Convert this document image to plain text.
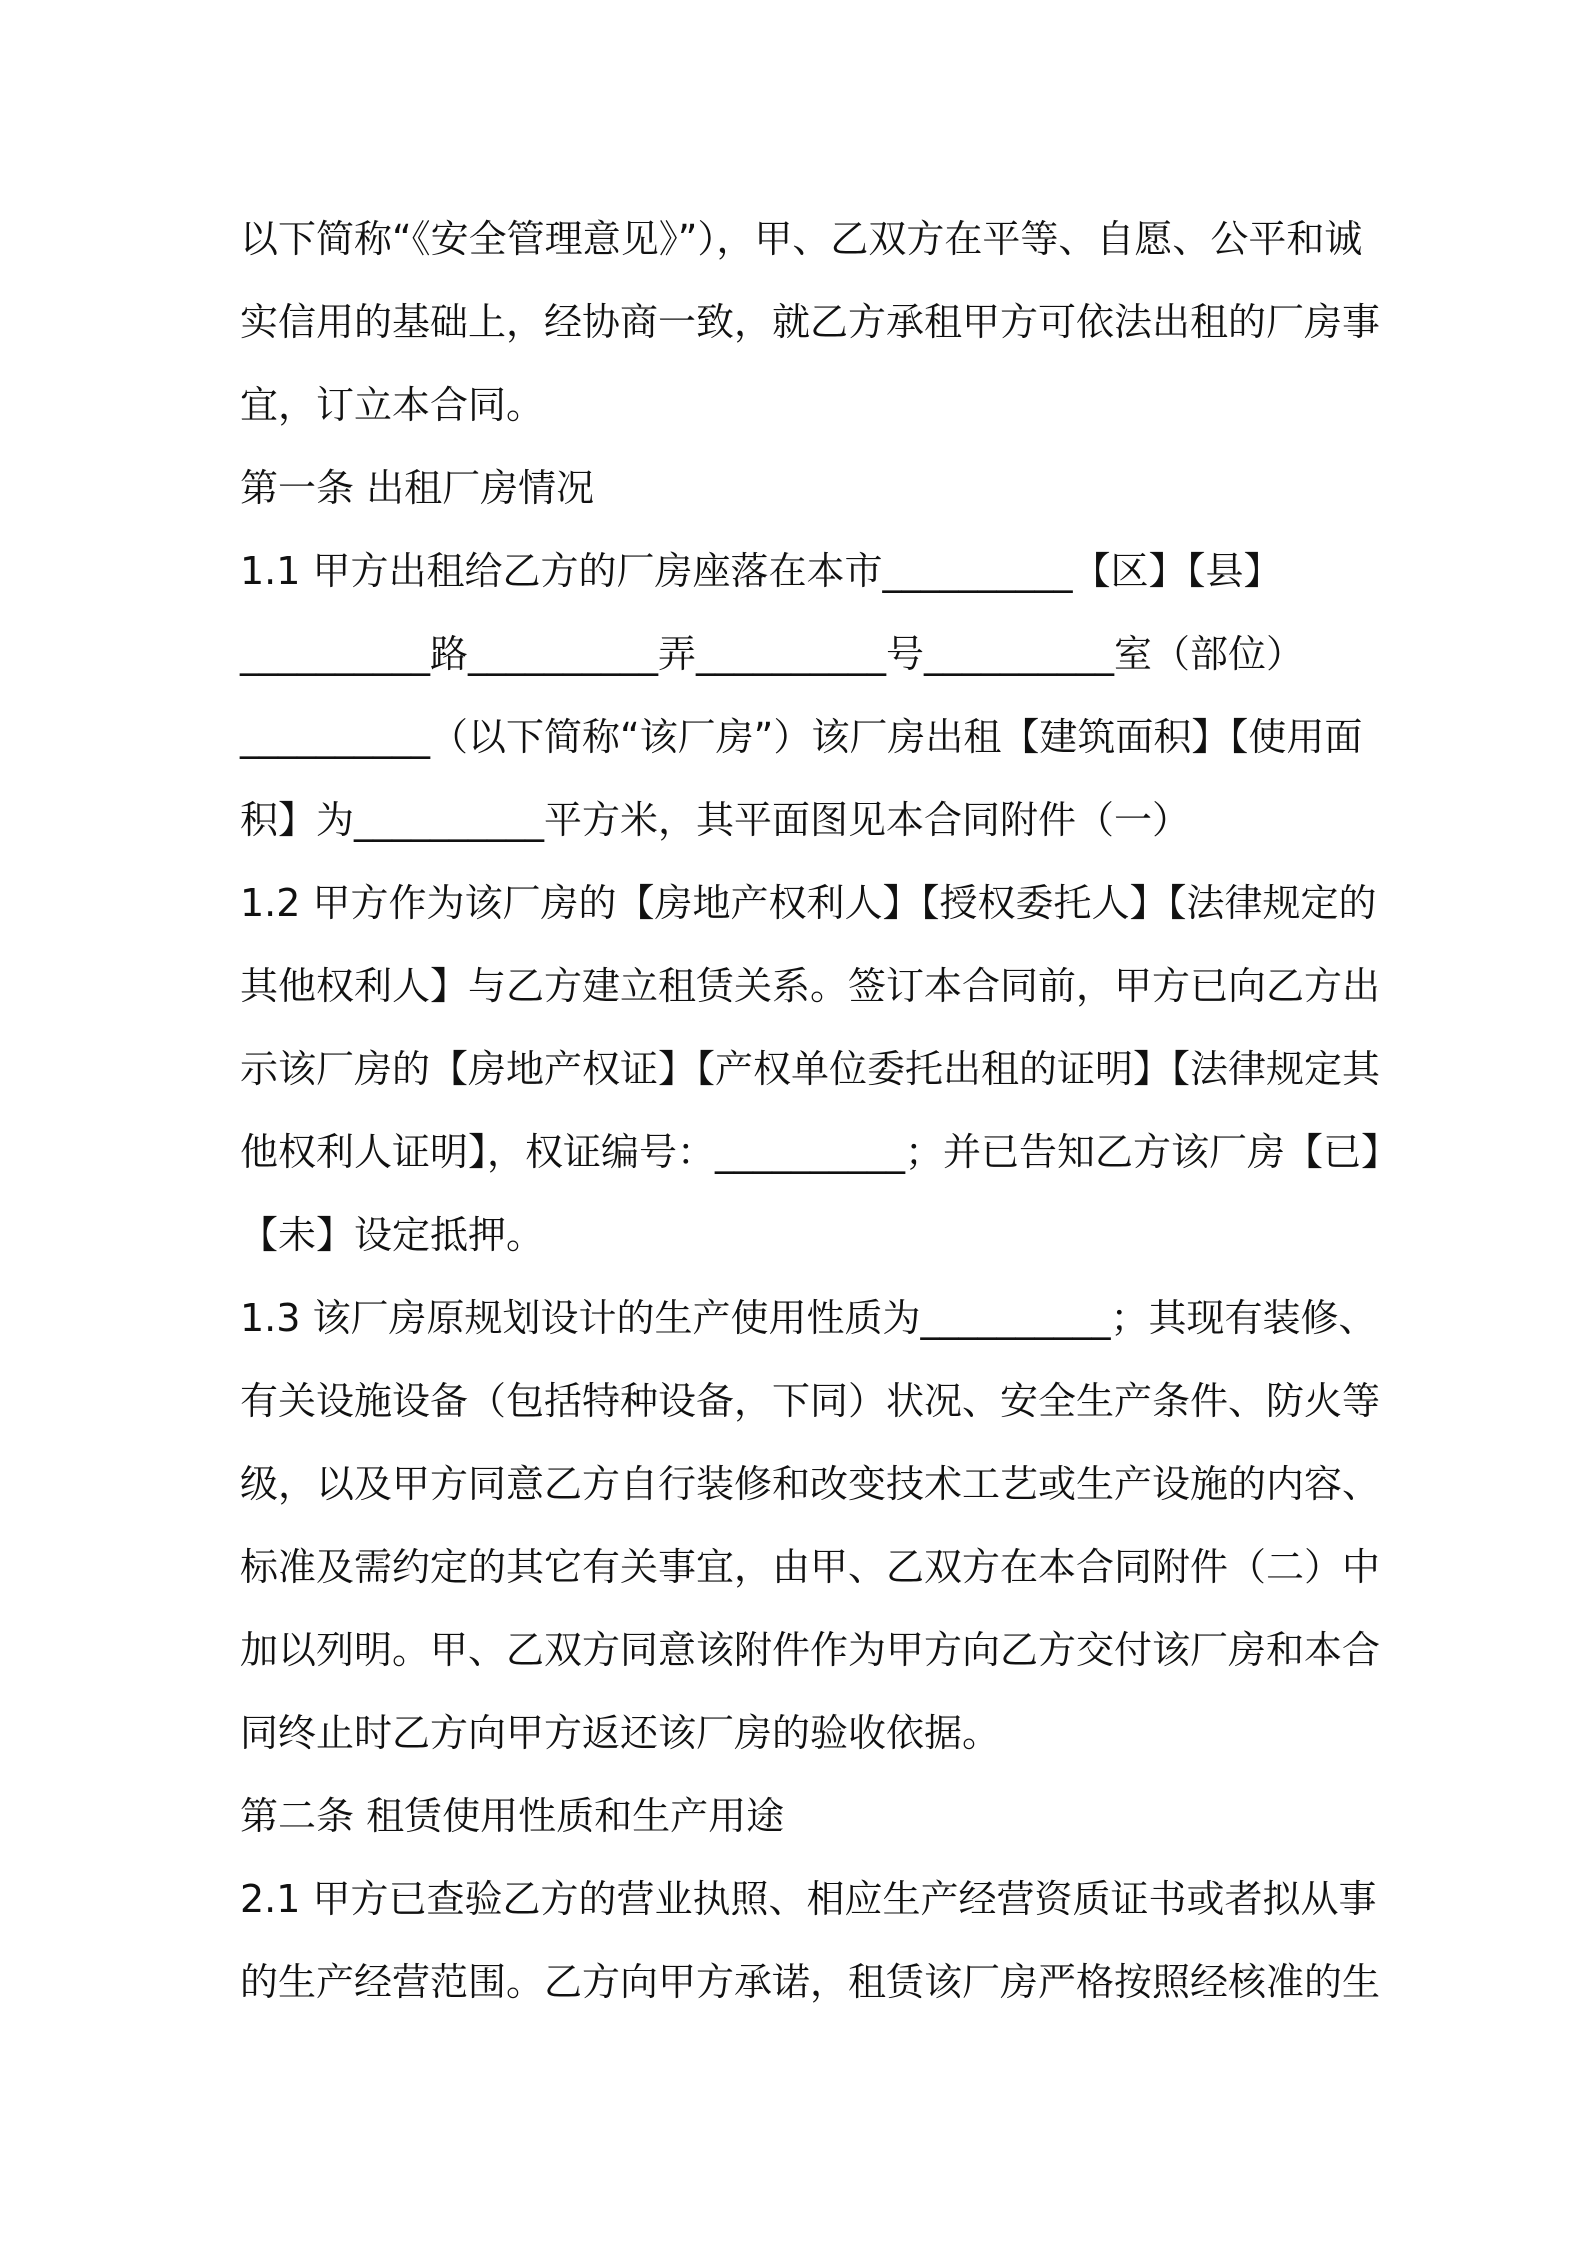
以下简称“《安全管理意见》”），甲、乙双方在平等、自愿、公平和诚
实信用的基础上，经协商一致，就乙方承租甲方可依法出租的厂房事
宜，订立本合同。
第一条 出租厂房情况
1.1 甲方出租给乙方的厂房座落在本市__________【区】【县】
__________路__________弄__________号__________室（部位）
__________（以下简称“该厂房”）该厂房出租【建筑面积】【使用面
积】为__________平方米，其平面图见本合同附件（一）
1.2 甲方作为该厂房的【房地产权利人】【授权委托人】【法律规定的
其他权利人】与乙方建立租赁关系。签订本合同前，甲方已向乙方出
示该厂房的【房地产权证】【产权单位委托出租的证明】【法律规定其
他权利人证明】，权证编号：__________；并已告知乙方该厂房【已】
【未】设定抵押。
1.3 该厂房原规划设计的生产使用性质为__________；其现有装修、
有关设施设备（包括特种设备，下同）状况、安全生产条件、防火等
级，以及甲方同意乙方自行装修和改变技术工艺或生产设施的内容、
标准及需约定的其它有关事宜，由甲、乙双方在本合同附件（二）中
加以列明。甲、乙双方同意该附件作为甲方向乙方交付该厂房和本合
同终止时乙方向甲方返还该厂房的验收依据。
第二条 租赁使用性质和生产用途
2.1 甲方已查验乙方的营业执照、相应生产经营资质证书或者拟从事
的生产经营范围。乙方向甲方承诺，租赁该厂房严格按照经核准的生
